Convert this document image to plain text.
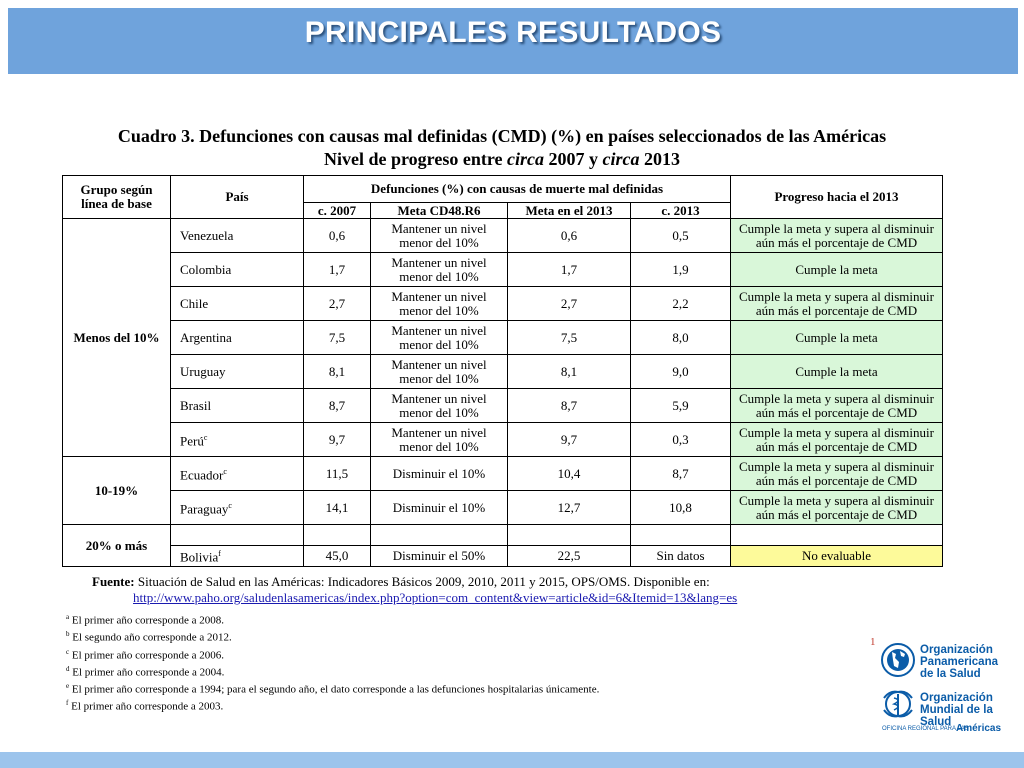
PRINCIPALES RESULTADOS
Cuadro 3. Defunciones con causas mal definidas (CMD) (%) en países seleccionados de las Américas
Nivel de progreso entre circa 2007 y circa 2013
Grupo según línea de base	País	Defunciones (%) con causas de muerte mal definidas				Progreso hacia el 2013
		c. 2007	Meta CD48.R6	Meta en el 2013	c. 2013	
Menos del 10%	Venezuela	0,6	Mantener un nivel menor del 10%	0,6	0,5	Cumple la meta y supera al disminuir aún más el porcentaje de CMD
	Colombia	1,7	Mantener un nivel menor del 10%	1,7	1,9	Cumple la meta
	Chile	2,7	Mantener un nivel menor del 10%	2,7	2,2	Cumple la meta y supera al disminuir aún más el porcentaje de CMD
	Argentina	7,5	Mantener un nivel menor del 10%	7,5	8,0	Cumple la meta
	Uruguay	8,1	Mantener un nivel menor del 10%	8,1	9,0	Cumple la meta
	Brasil	8,7	Mantener un nivel menor del 10%	8,7	5,9	Cumple la meta y supera al disminuir aún más el porcentaje de CMD
	Perú$^c$	9,7	Mantener un nivel menor del 10%	9,7	0,3	Cumple la meta y supera al disminuir aún más el porcentaje de CMD
10-19%	Ecuador$^c$	11,5	Disminuir el 10%	10,4	8,7	Cumple la meta y supera al disminuir aún más el porcentaje de CMD
	Paraguay$^c$	14,1	Disminuir el 10%	12,7	10,8	Cumple la meta y supera al disminuir aún más el porcentaje de CMD
20% o más						
	Bolivia$^f$	45,0	Disminuir el 50%	22,5	Sin datos	No evaluable
Fuente: Situación de Salud en las Américas: Indicadores Básicos 2009, 2010, 2011 y 2015, OPS/OMS. Disponible en:
http://www.paho.org/saludenlasamericas/index.php?option=com_content&view=article&id=6&Itemid=13&lang=es
$^a$ El primer año corresponde a 2008.
$^b$ El segundo año corresponde a 2012.
$^c$ El primer año corresponde a 2006.
$^d$ El primer año corresponde a 2004.
$^e$ El primer año corresponde a 1994; para el segundo año, el dato corresponde a las defunciones hospitalarias únicamente.
$^f$ El primer año corresponde a 2003.
1
Organización Panamericana de la Salud
Organización Mundial de la Salud
OFICINA REGIONAL PARA LAS
Américas
